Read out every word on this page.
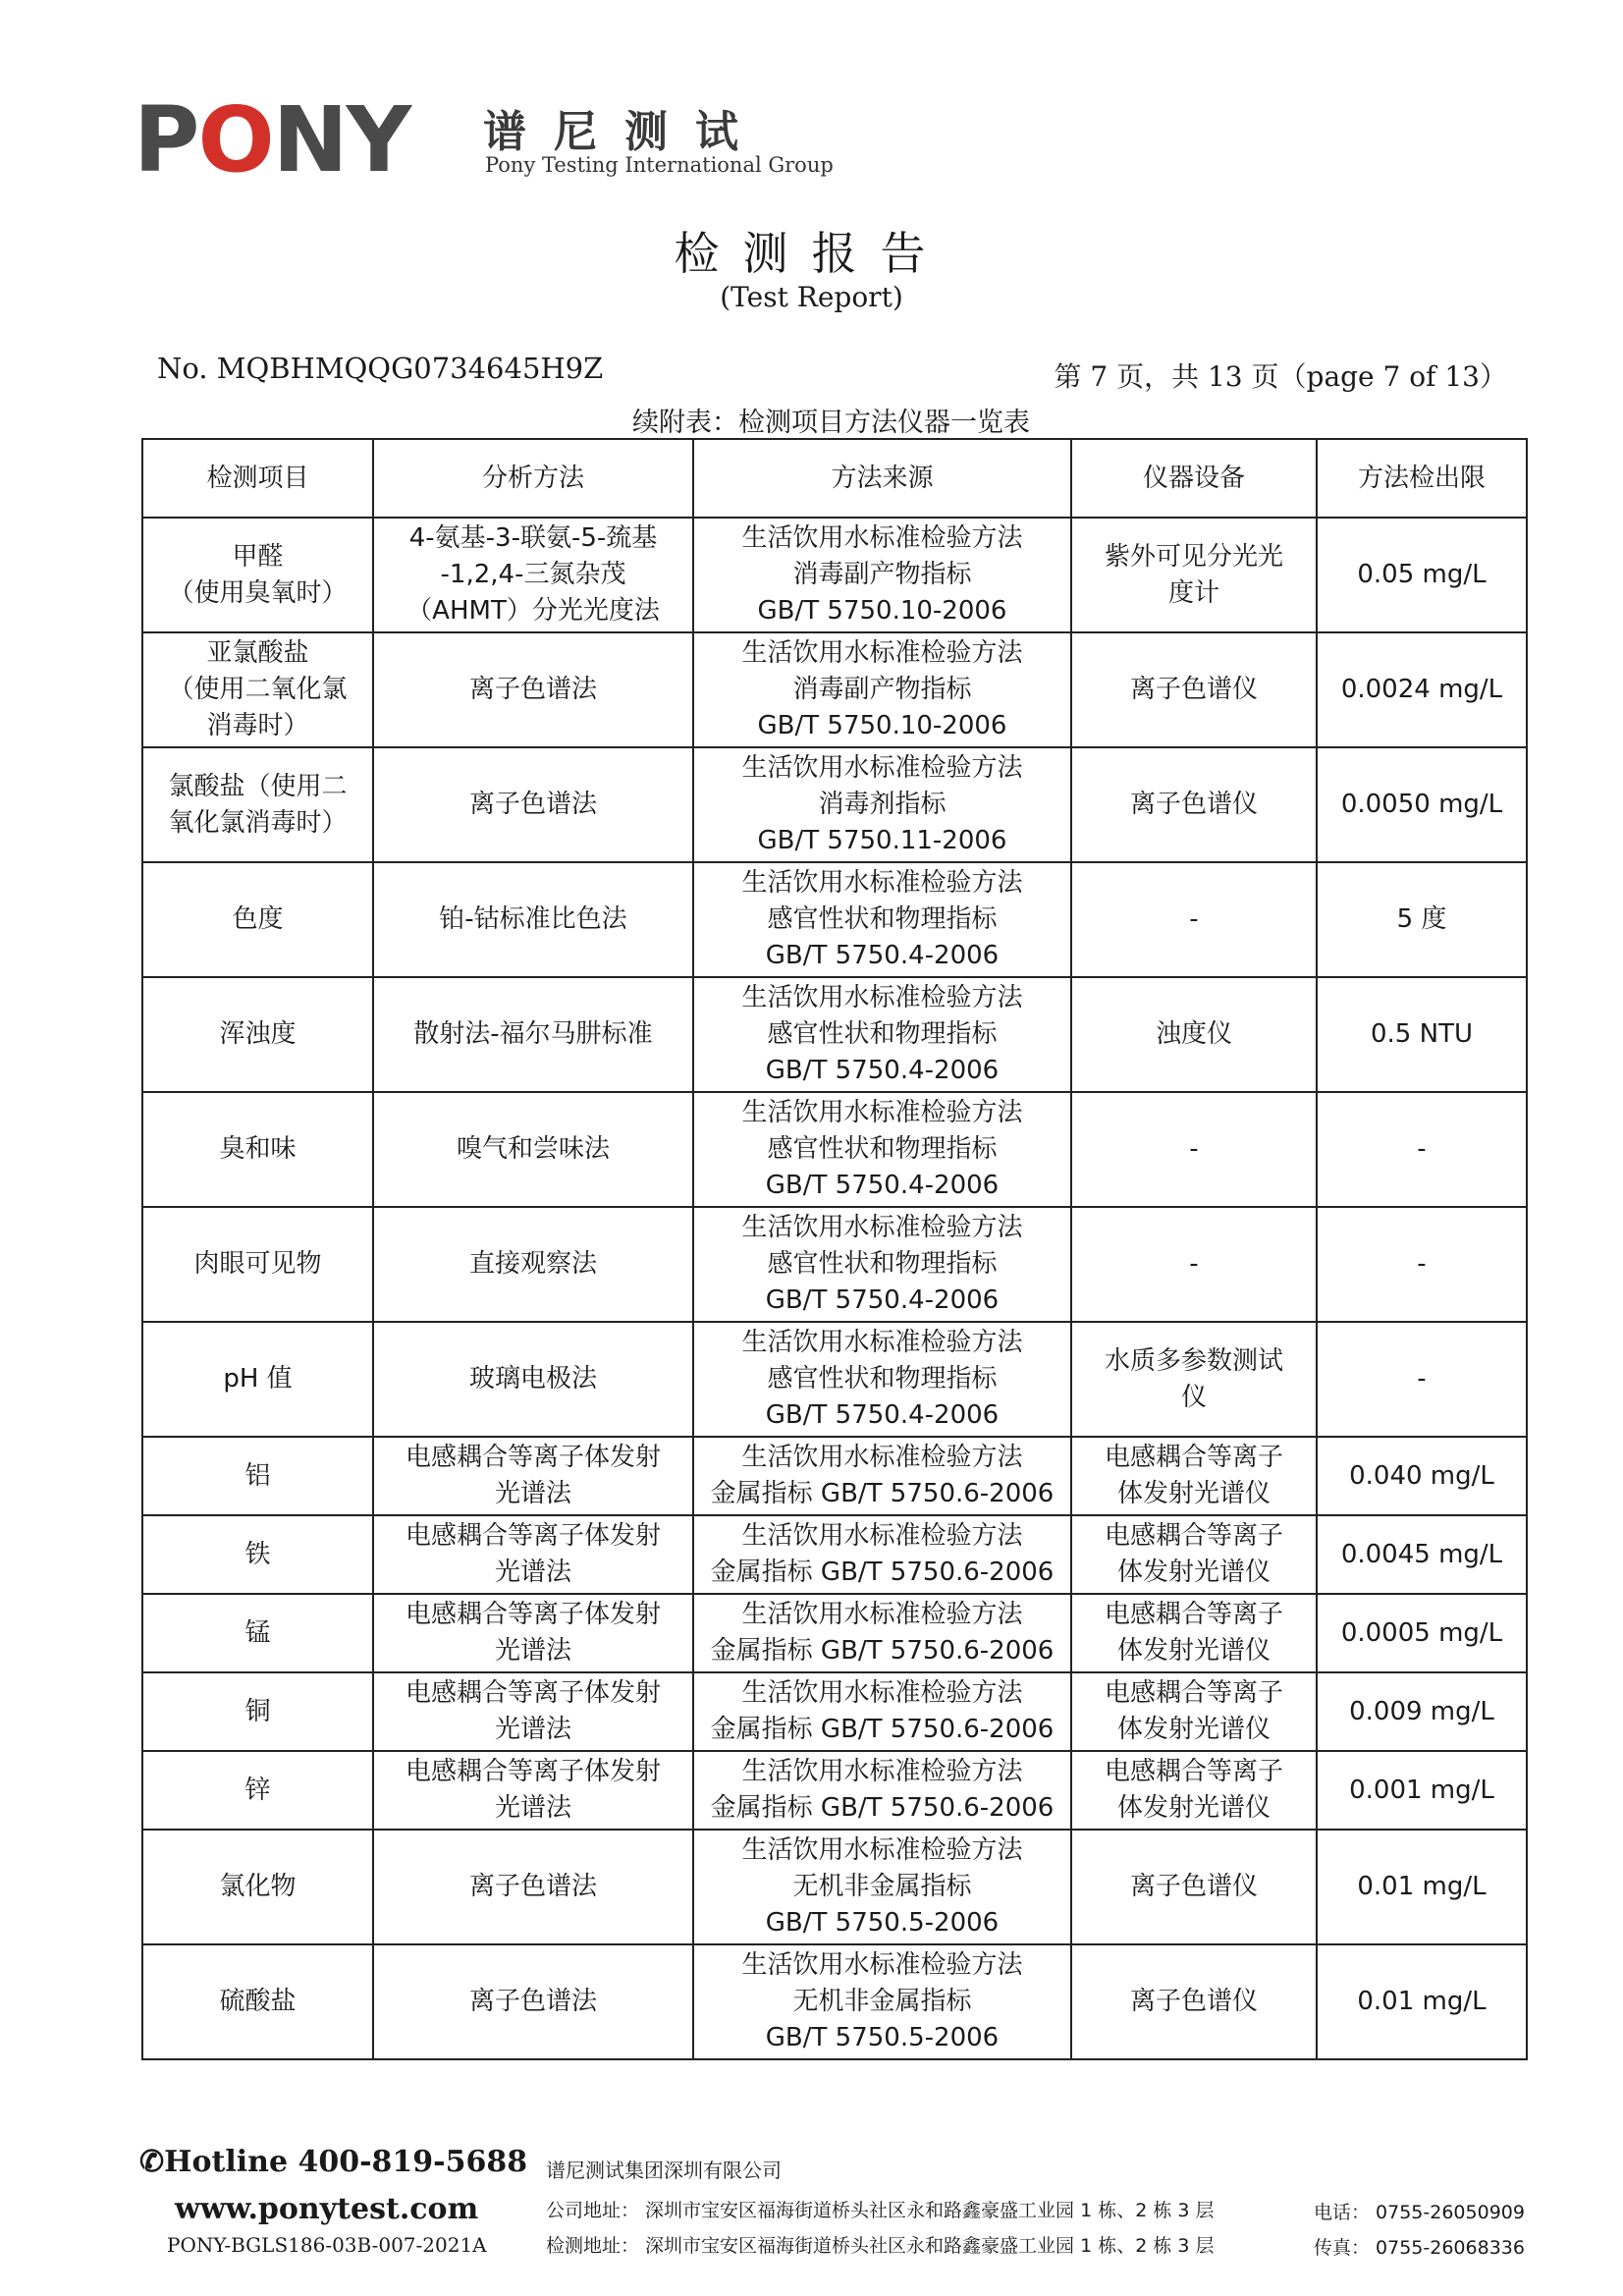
PONY 谱尼测试
Pony Testing International Group
检测报告
(Test Report)
No. MQBHMQQG0734645H9Z	第 7 页，共 13 页（page 7 of 13）
续附表：检测项目方法仪器一览表
检测项目	分析方法	方法来源	仪器设备	方法检出限
甲醛
（使用臭氧时）	4-氨基-3-联氨-5-巯基
-1,2,4-三氮杂茂
（AHMT）分光光度法	生活饮用水标准检验方法
消毒副产物指标
GB/T 5750.10-2006	紫外可见分光光
度计	0.05 mg/L
亚氯酸盐
（使用二氧化氯
消毒时）	离子色谱法	生活饮用水标准检验方法
消毒副产物指标
GB/T 5750.10-2006	离子色谱仪	0.0024 mg/L
氯酸盐（使用二
氧化氯消毒时）	离子色谱法	生活饮用水标准检验方法
消毒剂指标
GB/T 5750.11-2006	离子色谱仪	0.0050 mg/L
色度	铂-钴标准比色法	生活饮用水标准检验方法
感官性状和物理指标
GB/T 5750.4-2006	-	5 度
浑浊度	散射法-福尔马肼标准	生活饮用水标准检验方法
感官性状和物理指标
GB/T 5750.4-2006	浊度仪	0.5 NTU
臭和味	嗅气和尝味法	生活饮用水标准检验方法
感官性状和物理指标
GB/T 5750.4-2006	-	-
肉眼可见物	直接观察法	生活饮用水标准检验方法
感官性状和物理指标
GB/T 5750.4-2006	-	-
pH 值	玻璃电极法	生活饮用水标准检验方法
感官性状和物理指标
GB/T 5750.4-2006	水质多参数测试
仪	-
铝	电感耦合等离子体发射
光谱法	生活饮用水标准检验方法
金属指标 GB/T 5750.6-2006	电感耦合等离子
体发射光谱仪	0.040 mg/L
铁	电感耦合等离子体发射
光谱法	生活饮用水标准检验方法
金属指标 GB/T 5750.6-2006	电感耦合等离子
体发射光谱仪	0.0045 mg/L
锰	电感耦合等离子体发射
光谱法	生活饮用水标准检验方法
金属指标 GB/T 5750.6-2006	电感耦合等离子
体发射光谱仪	0.0005 mg/L
铜	电感耦合等离子体发射
光谱法	生活饮用水标准检验方法
金属指标 GB/T 5750.6-2006	电感耦合等离子
体发射光谱仪	0.009 mg/L
锌	电感耦合等离子体发射
光谱法	生活饮用水标准检验方法
金属指标 GB/T 5750.6-2006	电感耦合等离子
体发射光谱仪	0.001 mg/L
氯化物	离子色谱法	生活饮用水标准检验方法
无机非金属指标
GB/T 5750.5-2006	离子色谱仪	0.01 mg/L
硫酸盐	离子色谱法	生活饮用水标准检验方法
无机非金属指标
GB/T 5750.5-2006	离子色谱仪	0.01 mg/L
✆Hotline 400-819-5688
www.ponytest.com
PONY-BGLS186-03B-007-2021A
谱尼测试集团深圳有限公司
公司地址： 深圳市宝安区福海街道桥头社区永和路鑫豪盛工业园 1 栋、2 栋 3 层
检测地址： 深圳市宝安区福海街道桥头社区永和路鑫豪盛工业园 1 栋、2 栋 3 层
电话： 0755-26050909
传真： 0755-26068336
